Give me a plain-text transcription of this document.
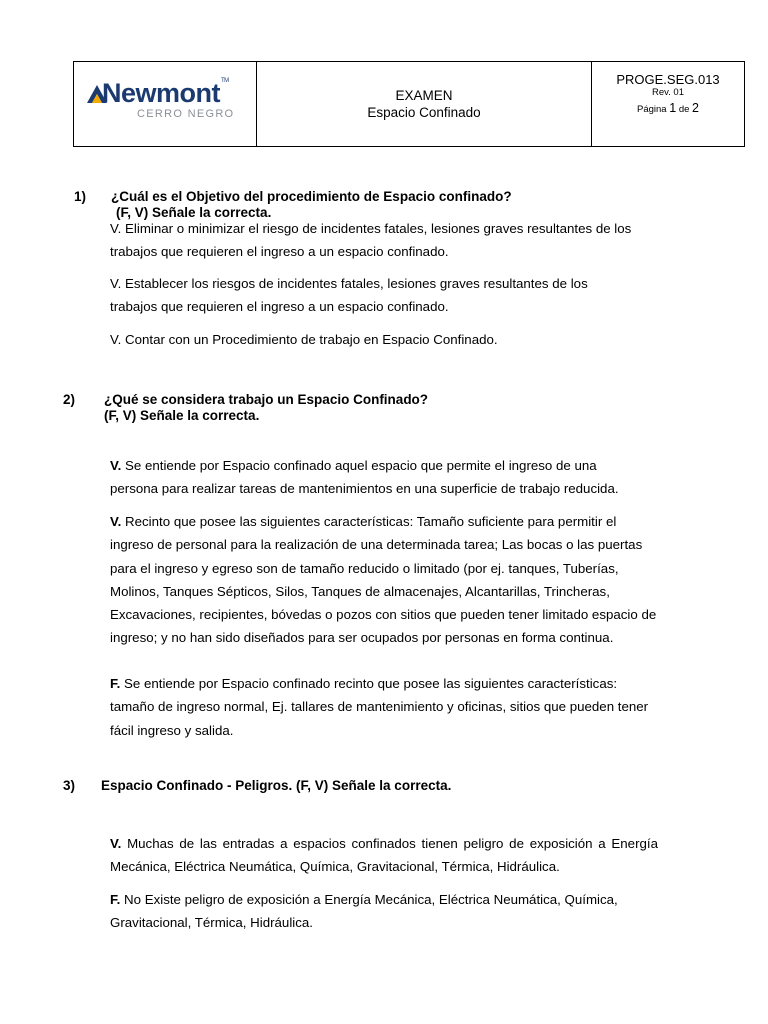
Newmont™
CERRO NEGRO
EXAMEN
Espacio Confinado
PROGE.SEG.013
Rev. 01
Página 1 de 2
1) ¿Cuál es el Objetivo del procedimiento de Espacio confinado?
(F, V) Señale la correcta.
V. Eliminar o minimizar el riesgo de incidentes fatales, lesiones graves resultantes de los trabajos que requieren el ingreso a un espacio confinado.
V. Establecer los riesgos de incidentes fatales, lesiones graves resultantes de los trabajos que requieren el ingreso a un espacio confinado.
V. Contar con un Procedimiento de trabajo en Espacio Confinado.
2) ¿Qué se considera trabajo un Espacio Confinado?
(F, V) Señale la correcta.
V. Se entiende por Espacio confinado aquel espacio que permite el ingreso de una persona para realizar tareas de mantenimientos en una superficie de trabajo reducida.
V. Recinto que posee las siguientes características: Tamaño suficiente para permitir el ingreso de personal para la realización de una determinada tarea; Las bocas o las puertas para el ingreso y egreso son de tamaño reducido o limitado (por ej. tanques, Tuberías, Molinos, Tanques Sépticos, Silos, Tanques de almacenajes, Alcantarillas, Trincheras, Excavaciones, recipientes, bóvedas o pozos con sitios que pueden tener limitado espacio de ingreso; y no han sido diseñados para ser ocupados por personas en forma continua.
F. Se entiende por Espacio confinado recinto que posee las siguientes características: tamaño de ingreso normal, Ej. tallares de mantenimiento y oficinas, sitios que pueden tener fácil ingreso y salida.
3) Espacio Confinado - Peligros. (F, V) Señale la correcta.
V. Muchas de las entradas a espacios confinados tienen peligro de exposición a Energía Mecánica, Eléctrica Neumática, Química, Gravitacional, Térmica, Hidráulica.
F. No Existe peligro de exposición a Energía Mecánica, Eléctrica Neumática, Química, Gravitacional, Térmica, Hidráulica.
